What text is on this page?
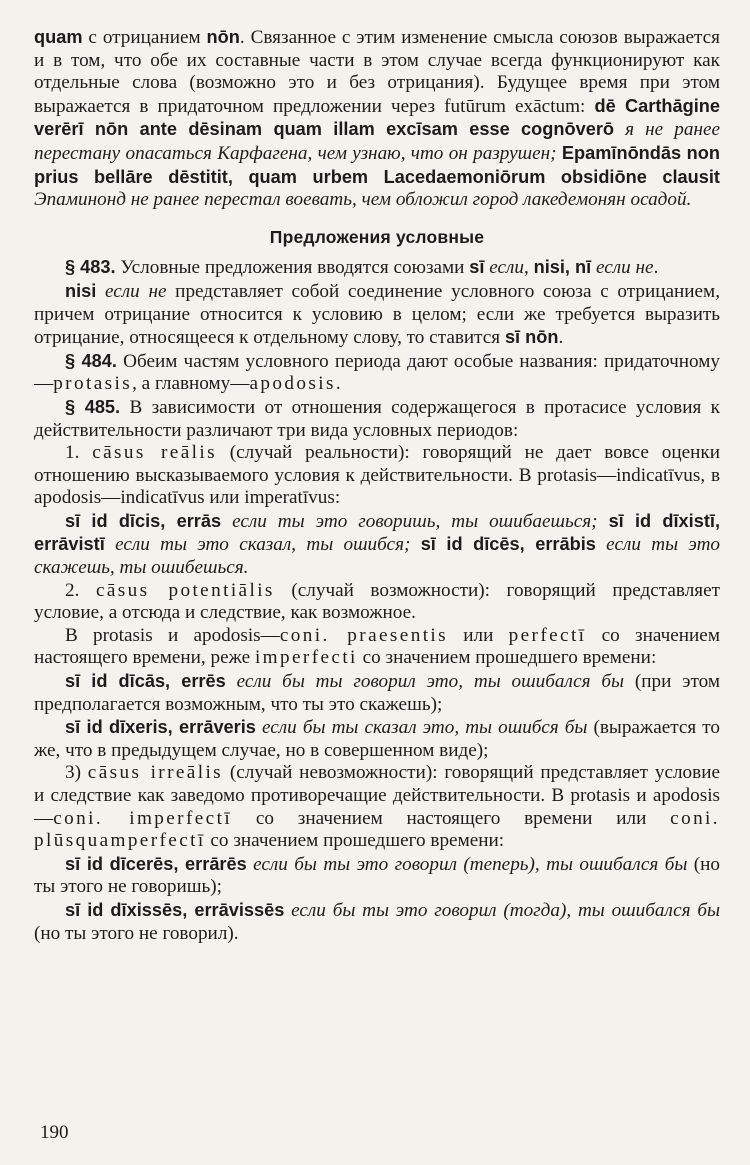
quam с отрицанием nōn. Связанное с этим изменение смысла союзов выражается и в том, что обе их составные части в этом случае всегда функционируют как отдельные слова (возможно это и без отрицания). Будущее время при этом выражается в придаточном предложении через futūrum exāctum: dē Carthāgine verērī nōn ante dēsinam quam illam excīsam esse cognōverō я не ранее перестану опасаться Карфагена, чем узнаю, что он разрушен; Epamīnōndās non prius bellāre dēstitit, quam urbem Lacedaemoniōrum obsidiōne clausit Эпаминонд не ранее перестал воевать, чем обложил город лакедемонян осадой.

Предложения условные

§ 483. Условные предложения вводятся союзами sī если, nisi, nī если не.

nisi если не представляет собой соединение условного союза с отрицанием, причем отрицание относится к условию в целом; если же требуется выразить отрицание, относящееся к отдельному слову, то ставится sī nōn.

§ 484. Обеим частям условного периода дают особые названия: придаточному—protasis, а главному—apodosis.

§ 485. В зависимости от отношения содержащегося в протасисе условия к действительности различают три вида условных периодов:

1. cāsus reālis (случай реальности): говорящий не дает вовсе оценки отношению высказываемого условия к действительности. В protasis—indicatīvus, в apodosis—indicatīvus или imperatīvus:

sī id dīcis, errās если ты это говоришь, ты ошибаешься; sī id dīxistī, errāvistī если ты это сказал, ты ошибся; sī id dīcēs, errābis если ты это скажешь, ты ошибешься.

2. cāsus potentiālis (случай возможности): говорящий представляет условие, а отсюда и следствие, как возможное.

В protasis и apodosis—coni. praesentis или perfectī со значением настоящего времени, реже imperfecti со значением прошедшего времени:

sī id dīcās, errēs если бы ты говорил это, ты ошибался бы (при этом предполагается возможным, что ты это скажешь);

sī id dīxeris, errāveris если бы ты сказал это, ты ошибся бы (выражается то же, что в предыдущем случае, но в совершенном виде);

3) cāsus irreālis (случай невозможности): говорящий представляет условие и следствие как заведомо противоречащие действительности. В protasis и apodosis—coni. imperfectī со значением настоящего времени или coni. plūsquamperfectī со значением прошедшего времени:

sī id dīcerēs, errārēs если бы ты это говорил (теперь), ты ошибался бы (но ты этого не говоришь);

sī id dīxissēs, errāvissēs если бы ты это говорил (тогда), ты ошибался бы (но ты этого не говорил).

190
